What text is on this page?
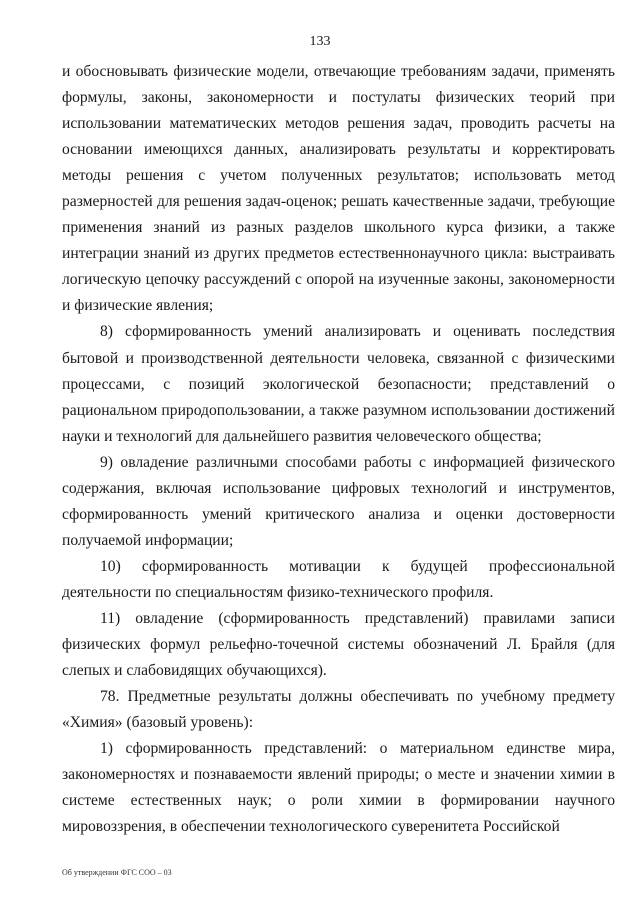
133

и обосновывать физические модели, отвечающие требованиям задачи, применять формулы, законы, закономерности и постулаты физических теорий при использовании математических методов решения задач, проводить расчеты на основании имеющихся данных, анализировать результаты и корректировать методы решения с учетом полученных результатов; использовать метод размерностей для решения задач-оценок; решать качественные задачи, требующие применения знаний из разных разделов школьного курса физики, а также интеграции знаний из других предметов естественнонаучного цикла: выстраивать логическую цепочку рассуждений с опорой на изученные законы, закономерности и физические явления;

8) сформированность умений анализировать и оценивать последствия бытовой и производственной деятельности человека, связанной с физическими процессами, с позиций экологической безопасности; представлений о рациональном природопользовании, а также разумном использовании достижений науки и технологий для дальнейшего развития человеческого общества;

9) овладение различными способами работы с информацией физического содержания, включая использование цифровых технологий и инструментов, сформированность умений критического анализа и оценки достоверности получаемой информации;

10) сформированность мотивации к будущей профессиональной деятельности по специальностям физико-технического профиля.

11) овладение (сформированность представлений) правилами записи физических формул рельефно-точечной системы обозначений Л. Брайля (для слепых и слабовидящих обучающихся).

78. Предметные результаты должны обеспечивать по учебному предмету «Химия» (базовый уровень):

1) сформированность представлений: о материальном единстве мира, закономерностях и познаваемости явлений природы; о месте и значении химии в системе естественных наук; о роли химии в формировании научного мировоззрения, в обеспечении технологического суверенитета Российской

Об утверждении ФГС СОО – 03
